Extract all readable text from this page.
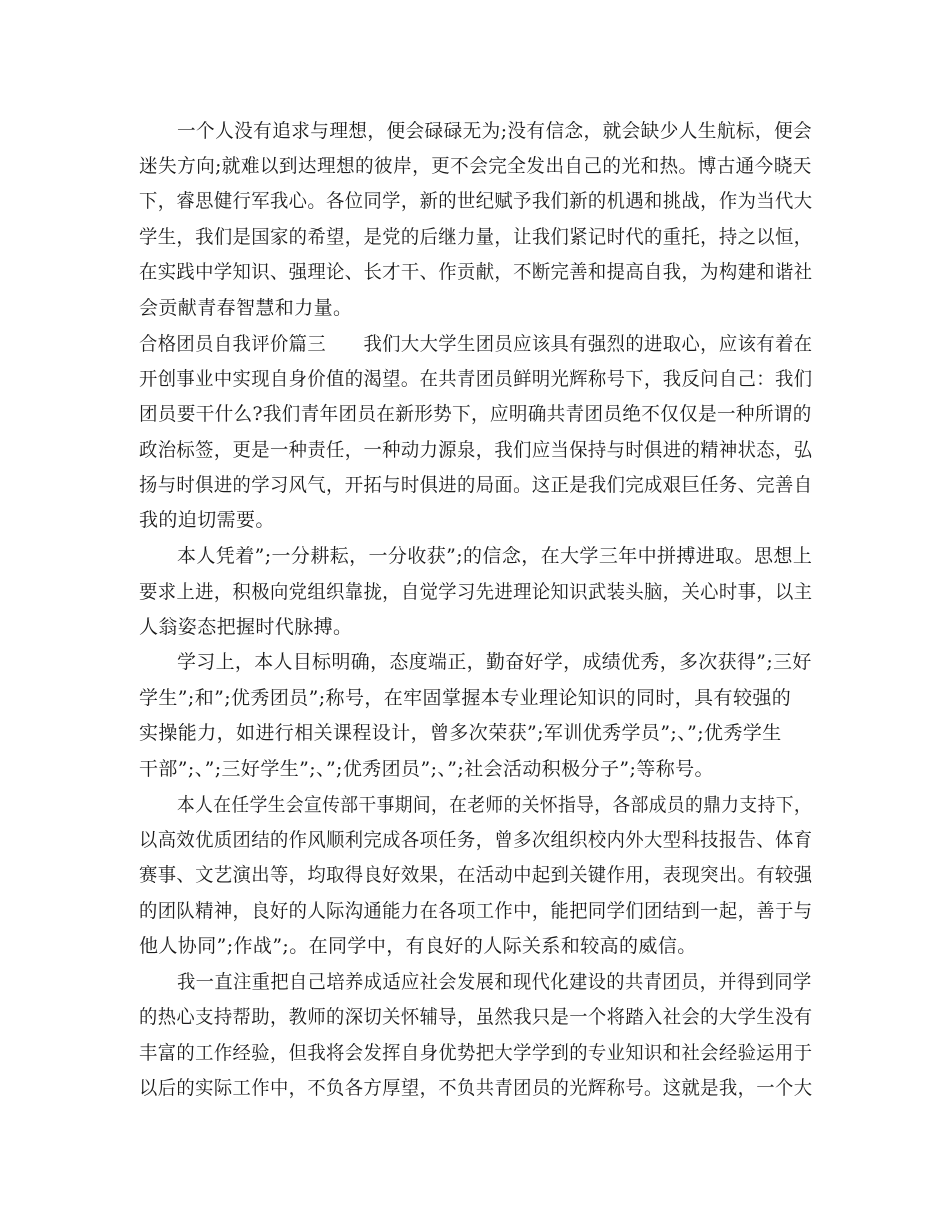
一个人没有追求与理想，便会碌碌无为;没有信念，就会缺少人生航标，便会

迷失方向;就难以到达理想的彼岸，更不会完全发出自己的光和热。博古通今晓天

下，睿思健行军我心。各位同学，新的世纪赋予我们新的机遇和挑战，作为当代大

学生，我们是国家的希望，是党的后继力量，让我们紧记时代的重托，持之以恒，

在实践中学知识、强理论、长才干、作贡献，不断完善和提高自我，为构建和谐社

会贡献青春智慧和力量。

合格团员自我评价篇三　　我们大大学生团员应该具有强烈的进取心，应该有着在

开创事业中实现自身价值的渴望。在共青团员鲜明光辉称号下，我反问自己：我们

团员要干什么?我们青年团员在新形势下，应明确共青团员绝不仅仅是一种所谓的

政治标签，更是一种责任，一种动力源泉，我们应当保持与时俱进的精神状态，弘

扬与时俱进的学习风气，开拓与时俱进的局面。这正是我们完成艰巨任务、完善自

我的迫切需要。

本人凭着”;一分耕耘，一分收获”;的信念，在大学三年中拼搏进取。思想上

要求上进，积极向党组织靠拢，自觉学习先进理论知识武装头脑，关心时事，以主

人翁姿态把握时代脉搏。

学习上，本人目标明确，态度端正，勤奋好学，成绩优秀，多次获得”;三好

学生”;和”;优秀团员”;称号，在牢固掌握本专业理论知识的同时，具有较强的

实操能力，如进行相关课程设计，曾多次荣获”;军训优秀学员”;、”;优秀学生

干部”;、”;三好学生”;、”;优秀团员”;、”;社会活动积极分子”;等称号。

本人在任学生会宣传部干事期间，在老师的关怀指导，各部成员的鼎力支持下，

以高效优质团结的作风顺利完成各项任务，曾多次组织校内外大型科技报告、体育

赛事、文艺演出等，均取得良好效果，在活动中起到关键作用，表现突出。有较强

的团队精神，良好的人际沟通能力在各项工作中，能把同学们团结到一起，善于与

他人协同”;作战”;。在同学中，有良好的人际关系和较高的威信。

我一直注重把自己培养成适应社会发展和现代化建设的共青团员，并得到同学

的热心支持帮助，教师的深切关怀辅导，虽然我只是一个将踏入社会的大学生没有

丰富的工作经验，但我将会发挥自身优势把大学学到的专业知识和社会经验运用于

以后的实际工作中，不负各方厚望，不负共青团员的光辉称号。这就是我，一个大
